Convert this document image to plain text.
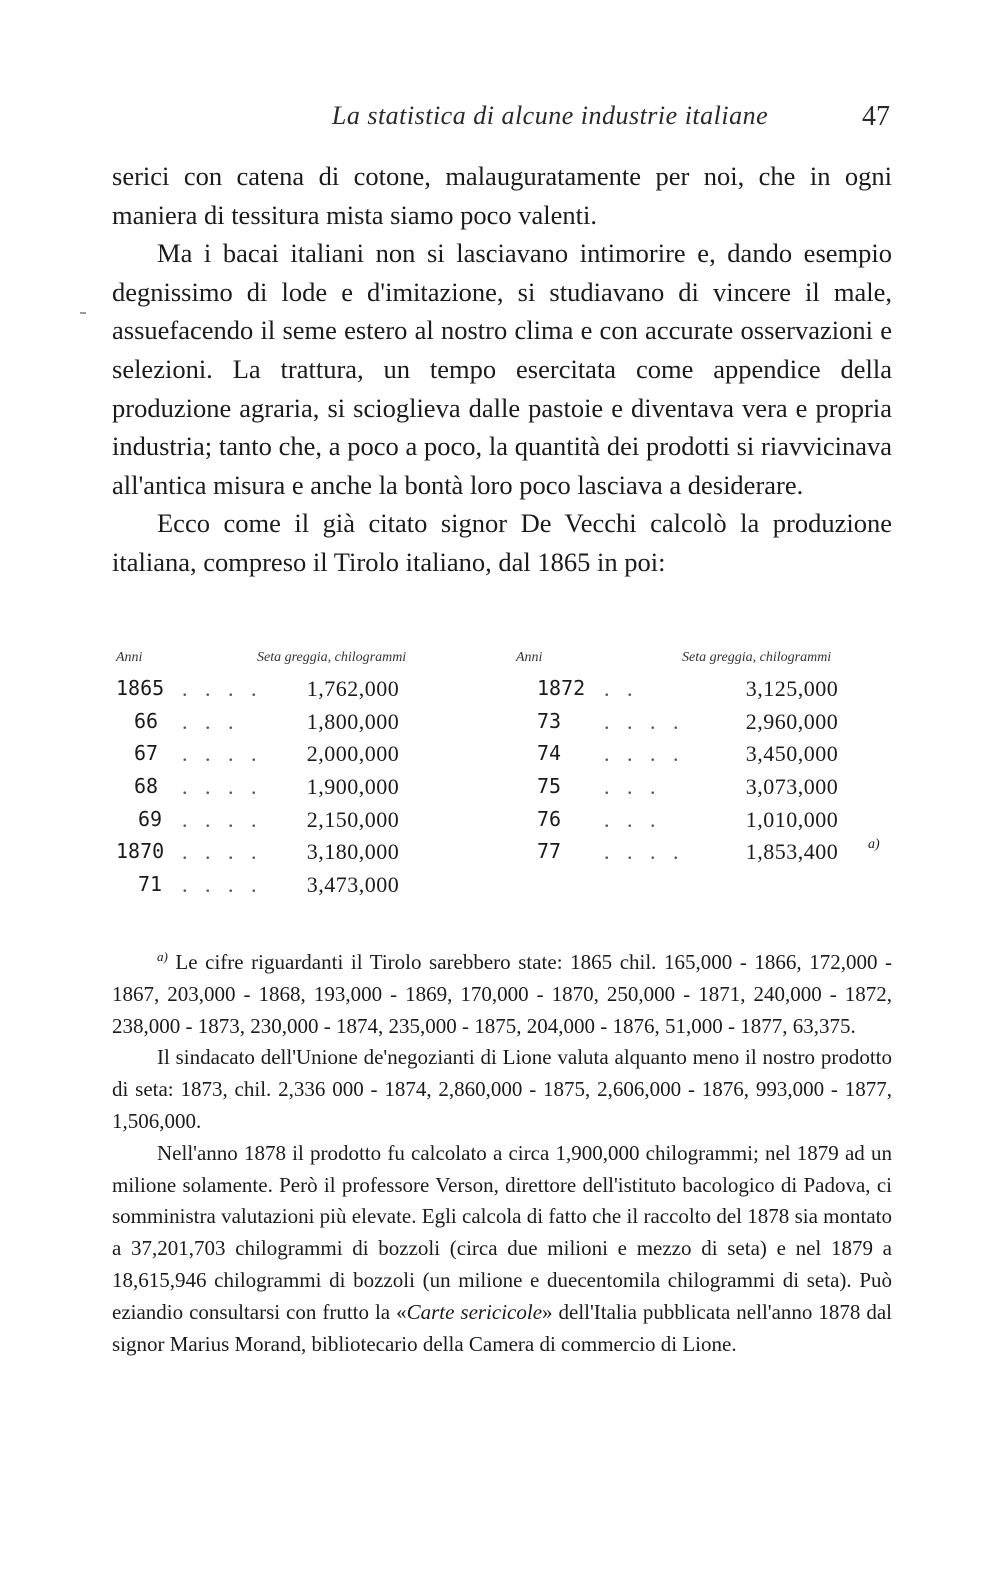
La statistica di alcune industrie italiane	47

serici con catena di cotone, malauguratamente per noi, che in ogni maniera di tessitura mista siamo poco valenti.

Ma i bacai italiani non si lasciavano intimorire e, dando esempio degnissimo di lode e d'imitazione, si studiavano di vincere il male, assuefacendo il seme estero al nostro clima e con accurate osservazioni e selezioni. La trattura, un tempo esercitata come appendice della produzione agraria, si scioglieva dalle pastoie e diventava vera e propria industria; tanto che, a poco a poco, la quantità dei prodotti si riavvicinava all'antica misura e anche la bontà loro poco lasciava a desiderare.

Ecco come il già citato signor De Vecchi calcolò la produzione italiana, compreso il Tirolo italiano, dal 1865 in poi:

Anni	Seta greggia, chilogrammi
1865 . . . .	1,762,000
66 . . .	1,800,000
67 . . . .	2,000,000
68 . . . .	1,900,000
69 . . . .	2,150,000
1870 . . . .	3,180,000
71 . . . .	3,473,000
Anni	Seta greggia, chilogrammi
1872 . .	3,125,000
73 . . . .	2,960,000
74 . . . .	3,450,000
75 . . .	3,073,000
76 . . .	1,010,000
77 . . . .	1,853,400	a)

$^{a)}$ Le cifre riguardanti il Tirolo sarebbero state: 1865 chil. 165,000 - 1866, 172,000 - 1867, 203,000 - 1868, 193,000 - 1869, 170,000 - 1870, 250,000 - 1871, 240,000 - 1872, 238,000 - 1873, 230,000 - 1874, 235,000 - 1875, 204,000 - 1876, 51,000 - 1877, 63,375.

Il sindacato dell'Unione de'negozianti di Lione valuta alquanto meno il nostro prodotto di seta: 1873, chil. 2,336 000 - 1874, 2,860,000 - 1875, 2,606,000 - 1876, 993,000 - 1877, 1,506,000.

Nell'anno 1878 il prodotto fu calcolato a circa 1,900,000 chilogrammi; nel 1879 ad un milione solamente. Però il professore Verson, direttore dell'istituto bacologico di Padova, ci somministra valutazioni più elevate. Egli calcola di fatto che il raccolto del 1878 sia montato a 37,201,703 chilogrammi di bozzoli (circa due milioni e mezzo di seta) e nel 1879 a 18,615,946 chilogrammi di bozzoli (un milione e duecentomila chilogrammi di seta). Può eziandio consultarsi con frutto la «Carte sericicole» dell'Italia pubblicata nell'anno 1878 dal signor Marius Morand, bibliotecario della Camera di commercio di Lione.
